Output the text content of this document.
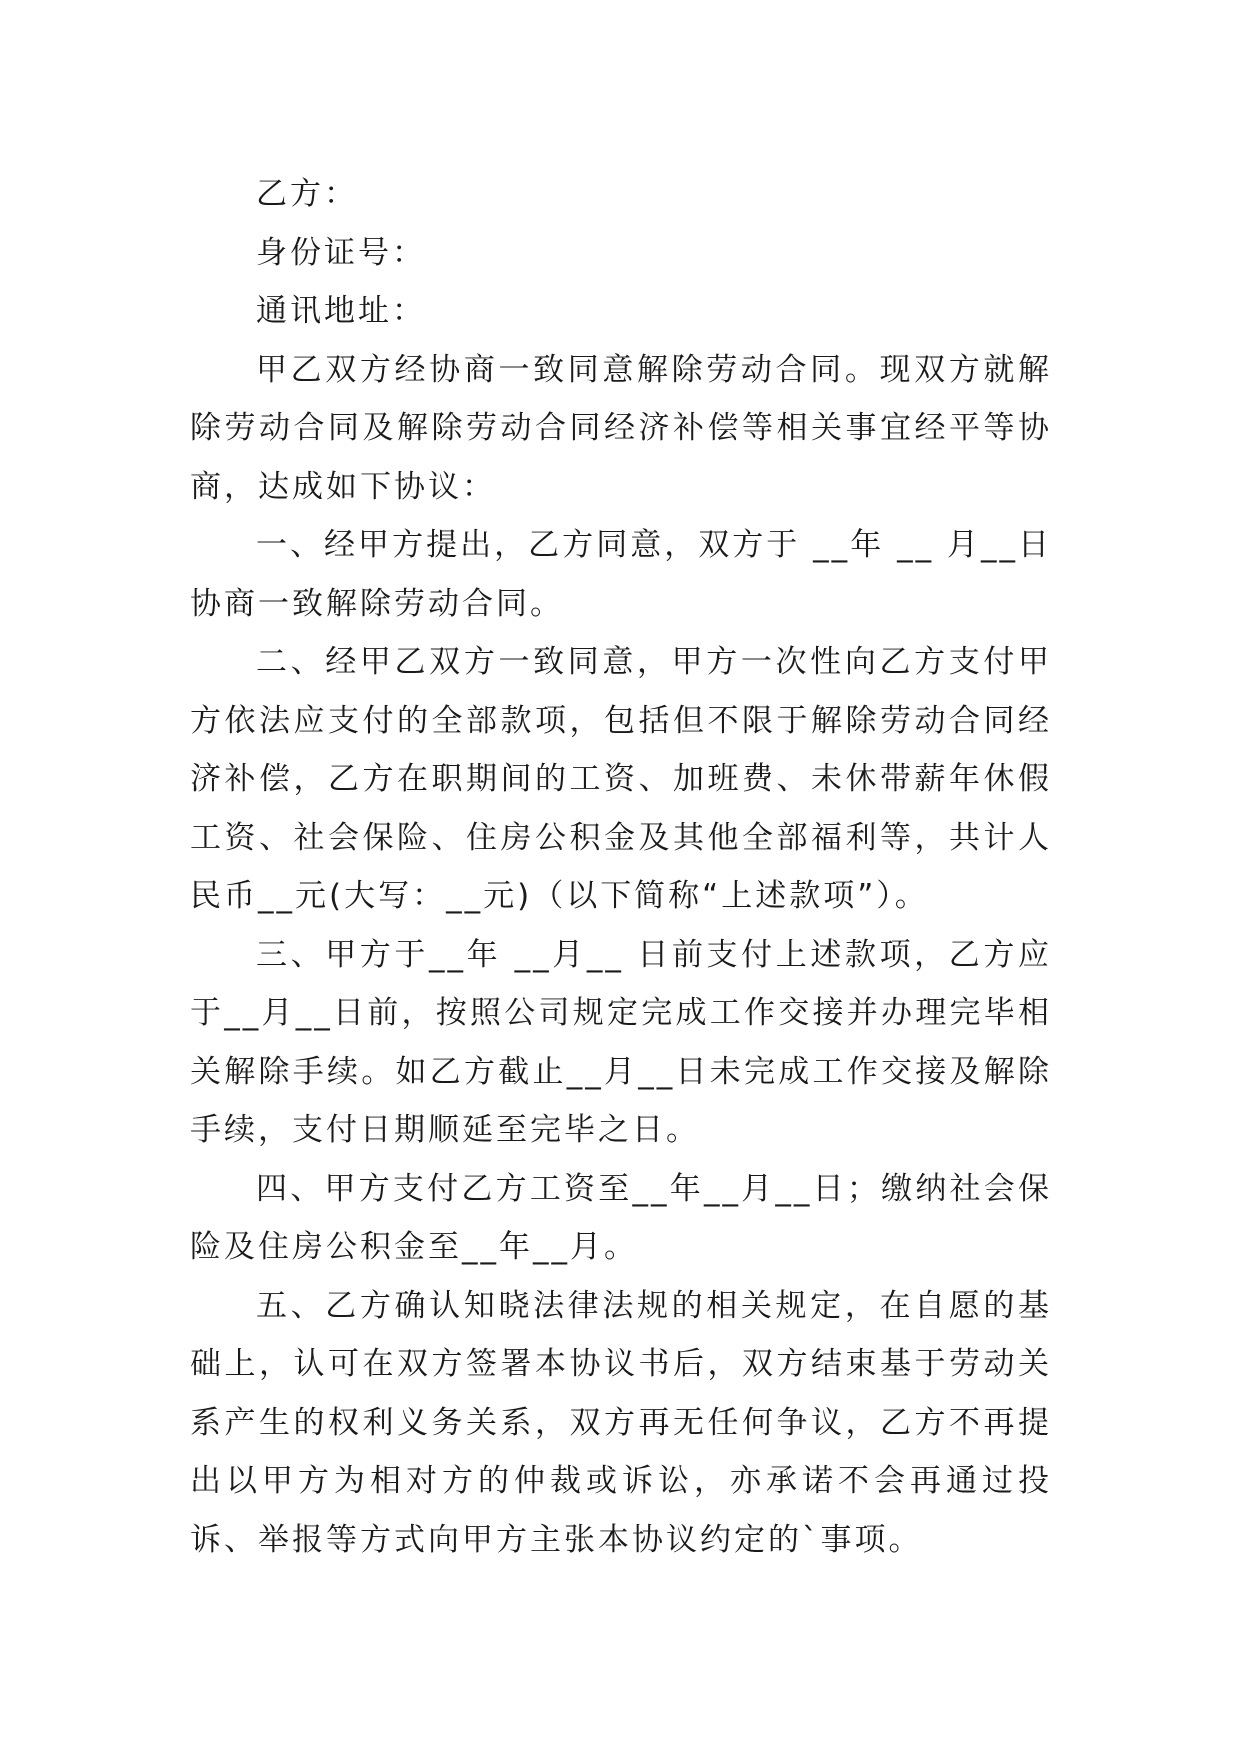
乙方：

身份证号：

通讯地址：

甲乙双方经协商一致同意解除劳动合同。现双方就解除劳动合同及解除劳动合同经济补偿等相关事宜经平等协商，达成如下协议：

一、经甲方提出，乙方同意，双方于 __年 __ 月__日协商一致解除劳动合同。

二、经甲乙双方一致同意，甲方一次性向乙方支付甲方依法应支付的全部款项，包括但不限于解除劳动合同经济补偿，乙方在职期间的工资、加班费、未休带薪年休假工资、社会保险、住房公积金及其他全部福利等，共计人民币__元(大写：__元)（以下简称“上述款项”）。

三、甲方于__年 __月__ 日前支付上述款项，乙方应于__月__日前，按照公司规定完成工作交接并办理完毕相关解除手续。如乙方截止__月__日未完成工作交接及解除手续，支付日期顺延至完毕之日。

四、甲方支付乙方工资至__年__月__日；缴纳社会保险及住房公积金至__年__月。

五、乙方确认知晓法律法规的相关规定，在自愿的基础上，认可在双方签署本协议书后，双方结束基于劳动关系产生的权利义务关系，双方再无任何争议，乙方不再提出以甲方为相对方的仲裁或诉讼，亦承诺不会再通过投诉、举报等方式向甲方主张本协议约定的`事项。
